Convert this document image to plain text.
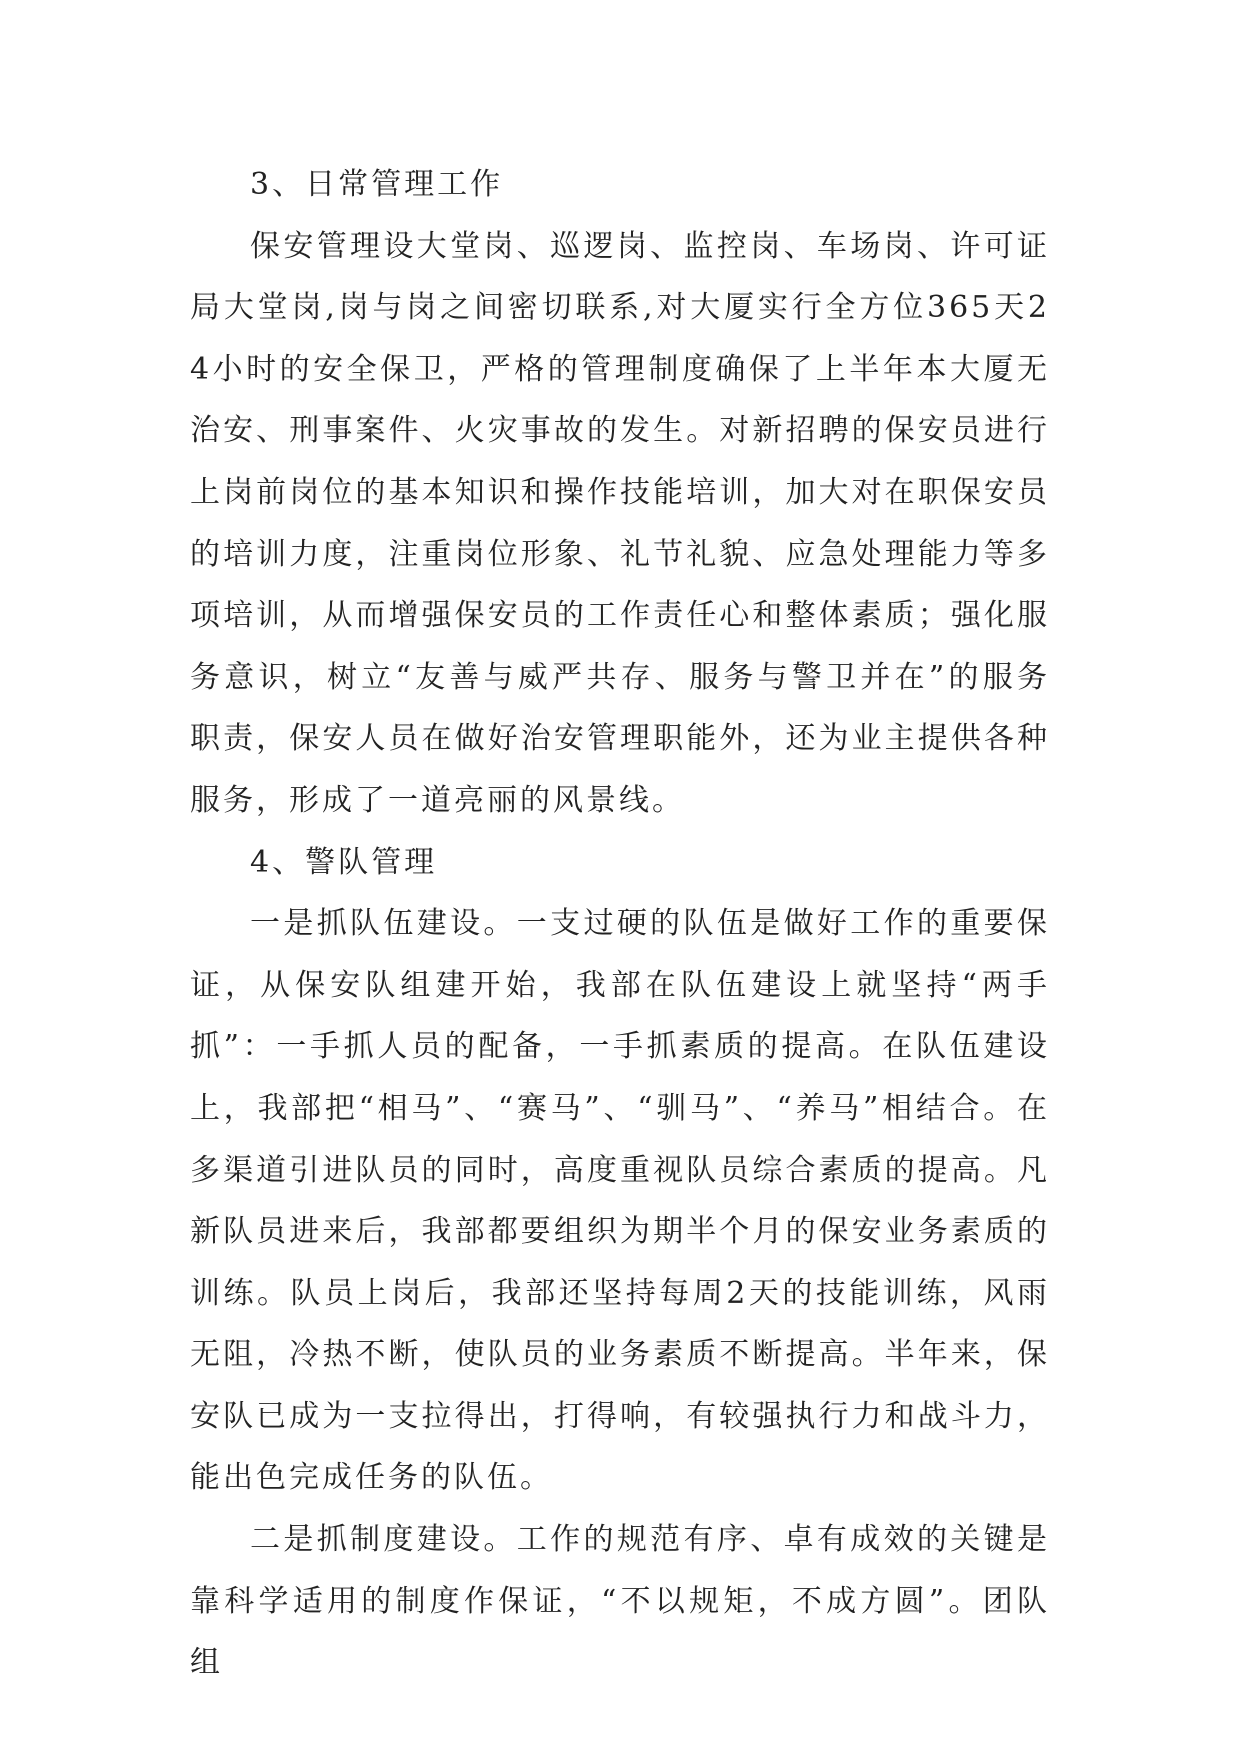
3、日常管理工作

保安管理设大堂岗、巡逻岗、监控岗、车场岗、许可证局大堂岗,岗与岗之间密切联系,对大厦实行全方位365天24小时的安全保卫，严格的管理制度确保了上半年本大厦无治安、刑事案件、火灾事故的发生。对新招聘的保安员进行上岗前岗位的基本知识和操作技能培训，加大对在职保安员的培训力度，注重岗位形象、礼节礼貌、应急处理能力等多项培训，从而增强保安员的工作责任心和整体素质；强化服务意识，树立“友善与威严共存、服务与警卫并在”的服务职责，保安人员在做好治安管理职能外，还为业主提供各种服务，形成了一道亮丽的风景线。

4、警队管理

一是抓队伍建设。一支过硬的队伍是做好工作的重要保证，从保安队组建开始，我部在队伍建设上就坚持“两手抓”：一手抓人员的配备，一手抓素质的提高。在队伍建设上，我部把“相马”、“赛马”、“驯马”、“养马”相结合。在多渠道引进队员的同时，高度重视队员综合素质的提高。凡新队员进来后，我部都要组织为期半个月的保安业务素质的训练。队员上岗后，我部还坚持每周2天的技能训练，风雨无阻，冷热不断，使队员的业务素质不断提高。半年来，保安队已成为一支拉得出，打得响，有较强执行力和战斗力，能出色完成任务的队伍。

二是抓制度建设。工作的规范有序、卓有成效的关键是靠科学适用的制度作保证，“不以规矩，不成方圆”。团队组
